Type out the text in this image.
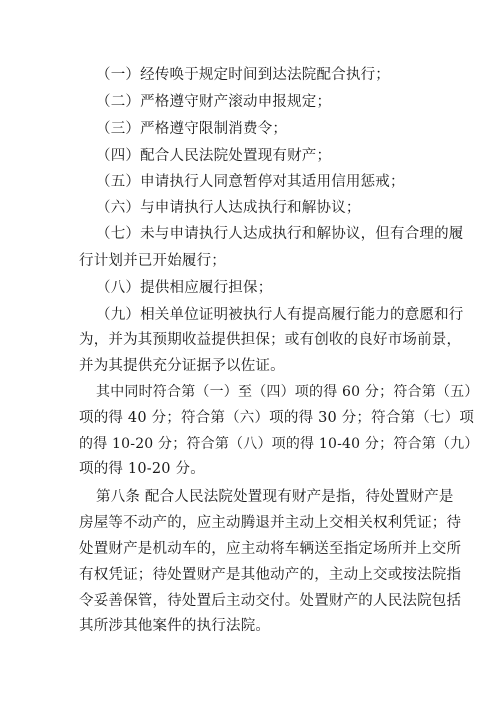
（一）经传唤于规定时间到达法院配合执行；
（二）严格遵守财产滚动申报规定；
（三）严格遵守限制消费令；
（四）配合人民法院处置现有财产；
（五）申请执行人同意暂停对其适用信用惩戒；
（六）与申请执行人达成执行和解协议；
（七）未与申请执行人达成执行和解协议，但有合理的履
行计划并已开始履行；
（八）提供相应履行担保；
（九）相关单位证明被执行人有提高履行能力的意愿和行
为，并为其预期收益提供担保；或有创收的良好市场前景，
并为其提供充分证据予以佐证。
其中同时符合第（一）至（四）项的得 60 分；符合第（五）
项的得 40 分；符合第（六）项的得 30 分；符合第（七）项
的得 10-20 分；符合第（八）项的得 10-40 分；符合第（九）
项的得 10-20 分。
第八条 配合人民法院处置现有财产是指，待处置财产是
房屋等不动产的，应主动腾退并主动上交相关权利凭证；待
处置财产是机动车的，应主动将车辆送至指定场所并上交所
有权凭证；待处置财产是其他动产的，主动上交或按法院指
令妥善保管，待处置后主动交付。处置财产的人民法院包括
其所涉其他案件的执行法院。
